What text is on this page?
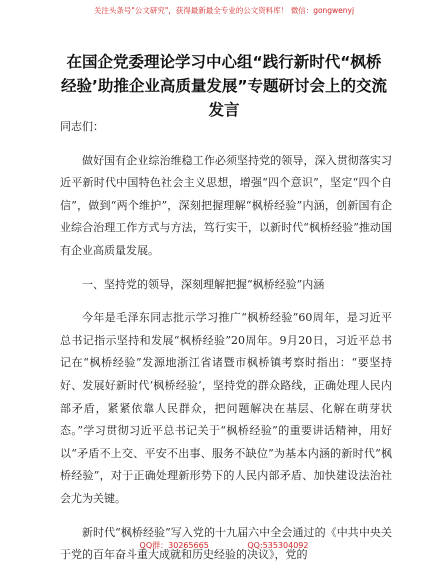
关注头条号"公文研究"，获得最新最全专业的公文资料库！ 微信：gongwenyj
在国企党委理论学习中心组“践行新时代“枫桥经验’助推企业高质量发展”专题研讨会上的交流发言

同志们：

做好国有企业综治维稳工作必须坚持党的领导，深入贯彻落实习近平新时代中国特色社会主义思想，增强“四个意识”，坚定“四个自信”，做到“两个维护”，深刻把握理解“枫桥经验”内涵，创新国有企业综合治理工作方式与方法，笃行实干，以新时代“枫桥经验”推动国有企业高质量发展。

一、坚持党的领导，深刻理解把握“枫桥经验”内涵

今年是毛泽东同志批示学习推广“枫桥经验”60周年，是习近平总书记指示坚持和发展“枫桥经验”20周年。9月20日，习近平总书记在“枫桥经验”发源地浙江省诸暨市枫桥镇考察时指出：“要坚持好、发展好新时代‘枫桥经验’，坚持党的群众路线，正确处理人民内部矛盾，紧紧依靠人民群众，把问题解决在基层、化解在萌芽状态。”学习贯彻习近平总书记关于“枫桥经验”的重要讲话精神，用好以“矛盾不上交、平安不出事、服务不缺位”为基本内涵的新时代“枫桥经验”，对于正确处理新形势下的人民内部矛盾、加快建设法治社会尤为关键。

新时代“枫桥经验”写入党的十九届六中全会通过的《中共中央关于党的百年奋斗重大成就和历史经验的决议》，党的

QQ群：30265665	QQ:535304092
